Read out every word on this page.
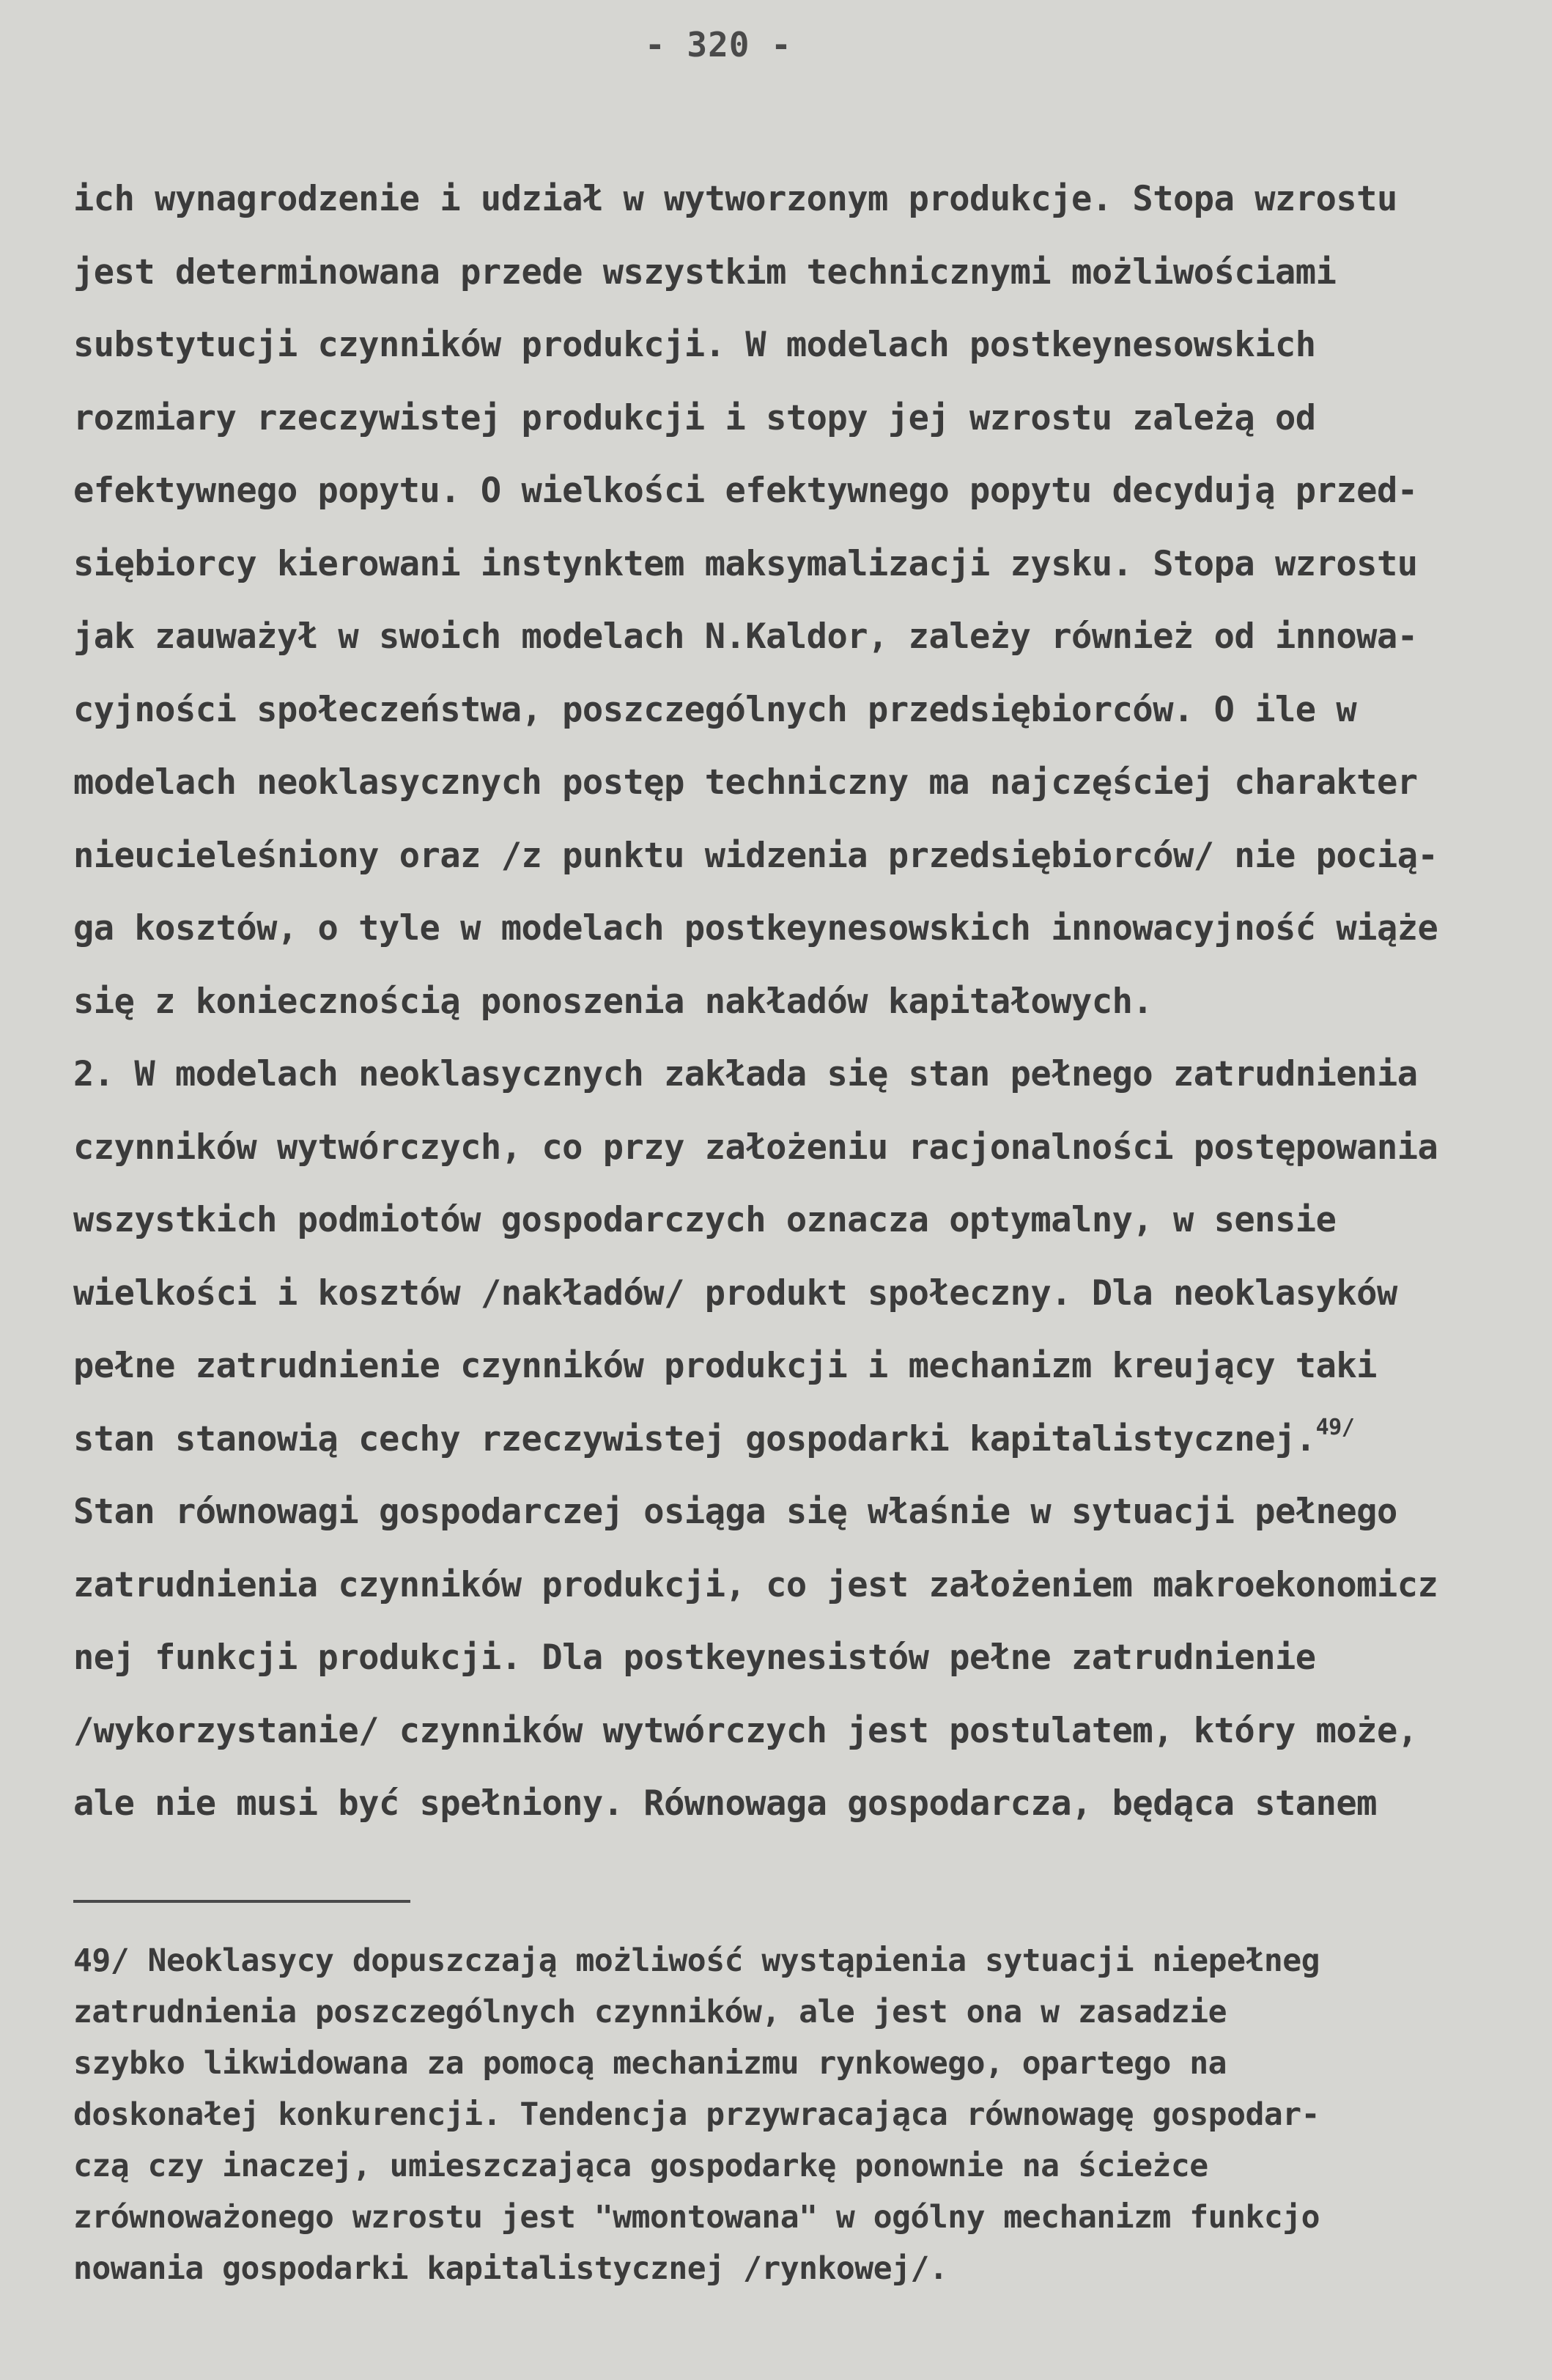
- 320 -
ich wynagrodzenie i udział w wytworzonym produkcje. Stopa wzrostu
jest determinowana przede wszystkim technicznymi możliwościami
substytucji czynników produkcji. W modelach postkeynesowskich
rozmiary rzeczywistej produkcji i stopy jej wzrostu zależą od
efektywnego popytu. O wielkości efektywnego popytu decydują przed-
siębiorcy kierowani instynktem maksymalizacji zysku. Stopa wzrostu
jak zauważył w swoich modelach N.Kaldor, zależy również od innowa-
cyjności społeczeństwa, poszczególnych przedsiębiorców. O ile w
modelach neoklasycznych postęp techniczny ma najczęściej charakter
nieucieleśniony oraz /z punktu widzenia przedsiębiorców/ nie pocią-
ga kosztów, o tyle w modelach postkeynesowskich innowacyjność wiąże
się z koniecznością ponoszenia nakładów kapitałowych.
2. W modelach neoklasycznych zakłada się stan pełnego zatrudnienia
czynników wytwórczych, co przy założeniu racjonalności postępowania
wszystkich podmiotów gospodarczych oznacza optymalny, w sensie
wielkości i kosztów /nakładów/ produkt społeczny. Dla neoklasyków
pełne zatrudnienie czynników produkcji i mechanizm kreujący taki
stan stanowią cechy rzeczywistej gospodarki kapitalistycznej.$^{49/}$
Stan równowagi gospodarczej osiąga się właśnie w sytuacji pełnego
zatrudnienia czynników produkcji, co jest założeniem makroekonomicz
nej funkcji produkcji. Dla postkeynesistów pełne zatrudnienie
/wykorzystanie/ czynników wytwórczych jest postulatem, który może,
ale nie musi być spełniony. Równowaga gospodarcza, będąca stanem
49/ Neoklasycy dopuszczają możliwość wystąpienia sytuacji niepełneg
zatrudnienia poszczególnych czynników, ale jest ona w zasadzie
szybko likwidowana za pomocą mechanizmu rynkowego, opartego na
doskonałej konkurencji. Tendencja przywracająca równowagę gospodar-
czą czy inaczej, umieszczająca gospodarkę ponownie na ścieżce
zrównoważonego wzrostu jest "wmontowana" w ogólny mechanizm funkcjo
nowania gospodarki kapitalistycznej /rynkowej/.
